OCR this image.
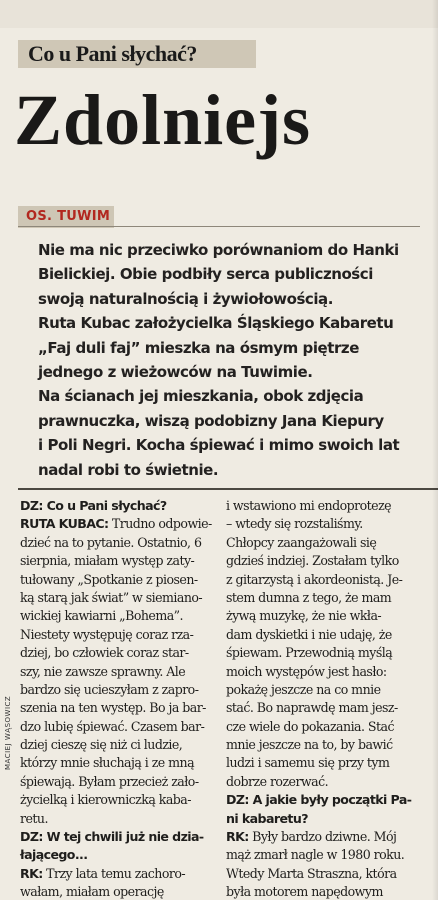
Co u Pani słychać?
Zdolniejs
OS. TUWIM
Nie ma nic przeciwko porównaniom do Hanki
Bielickiej. Obie podbiły serca publiczności
swoją naturalnością i żywiołowością.
Ruta Kubac założycielka Śląskiego Kabaretu
„Faj duli faj” mieszka na ósmym piętrze
jednego z wieżowców na Tuwimie.
Na ścianach jej mieszkania, obok zdjęcia
prawnuczka, wiszą podobizny Jana Kiepury
i Poli Negri. Kocha śpiewać i mimo swoich lat
nadal robi to świetnie.
MACIEJ WĄSOWICZ
DZ: Co u Pani słychać?
RUTA KUBAC: Trudno odpowie-
dzieć na to pytanie. Ostatnio, 6
sierpnia, miałam występ zaty-
tułowany „Spotkanie z piosen-
ką starą jak świat” w siemiano-
wickiej kawiarni „Bohema”.
Niestety występuję coraz rza-
dziej, bo człowiek coraz star-
szy, nie zawsze sprawny. Ale
bardzo się ucieszyłam z zapro-
szenia na ten występ. Bo ja bar-
dzo lubię śpiewać. Czasem bar-
dziej cieszę się niż ci ludzie,
którzy mnie słuchają i ze mną
śpiewają. Byłam przecież zało-
życielką i kierowniczką kaba-
retu.
DZ: W tej chwili już nie dzia-
łającego...
RK: Trzy lata temu zachoro-
wałam, miałam operację
i wstawiono mi endoprotezę
– wtedy się rozstaliśmy.
Chłopcy zaangażowali się
gdzieś indziej. Zostałam tylko
z gitarzystą i akordeonistą. Je-
stem dumna z tego, że mam
żywą muzykę, że nie wkła-
dam dyskietki i nie udaję, że
śpiewam. Przewodnią myślą
moich występów jest hasło:
pokażę jeszcze na co mnie
stać. Bo naprawdę mam jesz-
cze wiele do pokazania. Stać
mnie jeszcze na to, by bawić
ludzi i samemu się przy tym
dobrze rozerwać.
DZ: A jakie były początki Pa-
ni kabaretu?
RK: Były bardzo dziwne. Mój
mąż zmarł nagle w 1980 roku.
Wtedy Marta Straszna, która
była motorem napędowym
